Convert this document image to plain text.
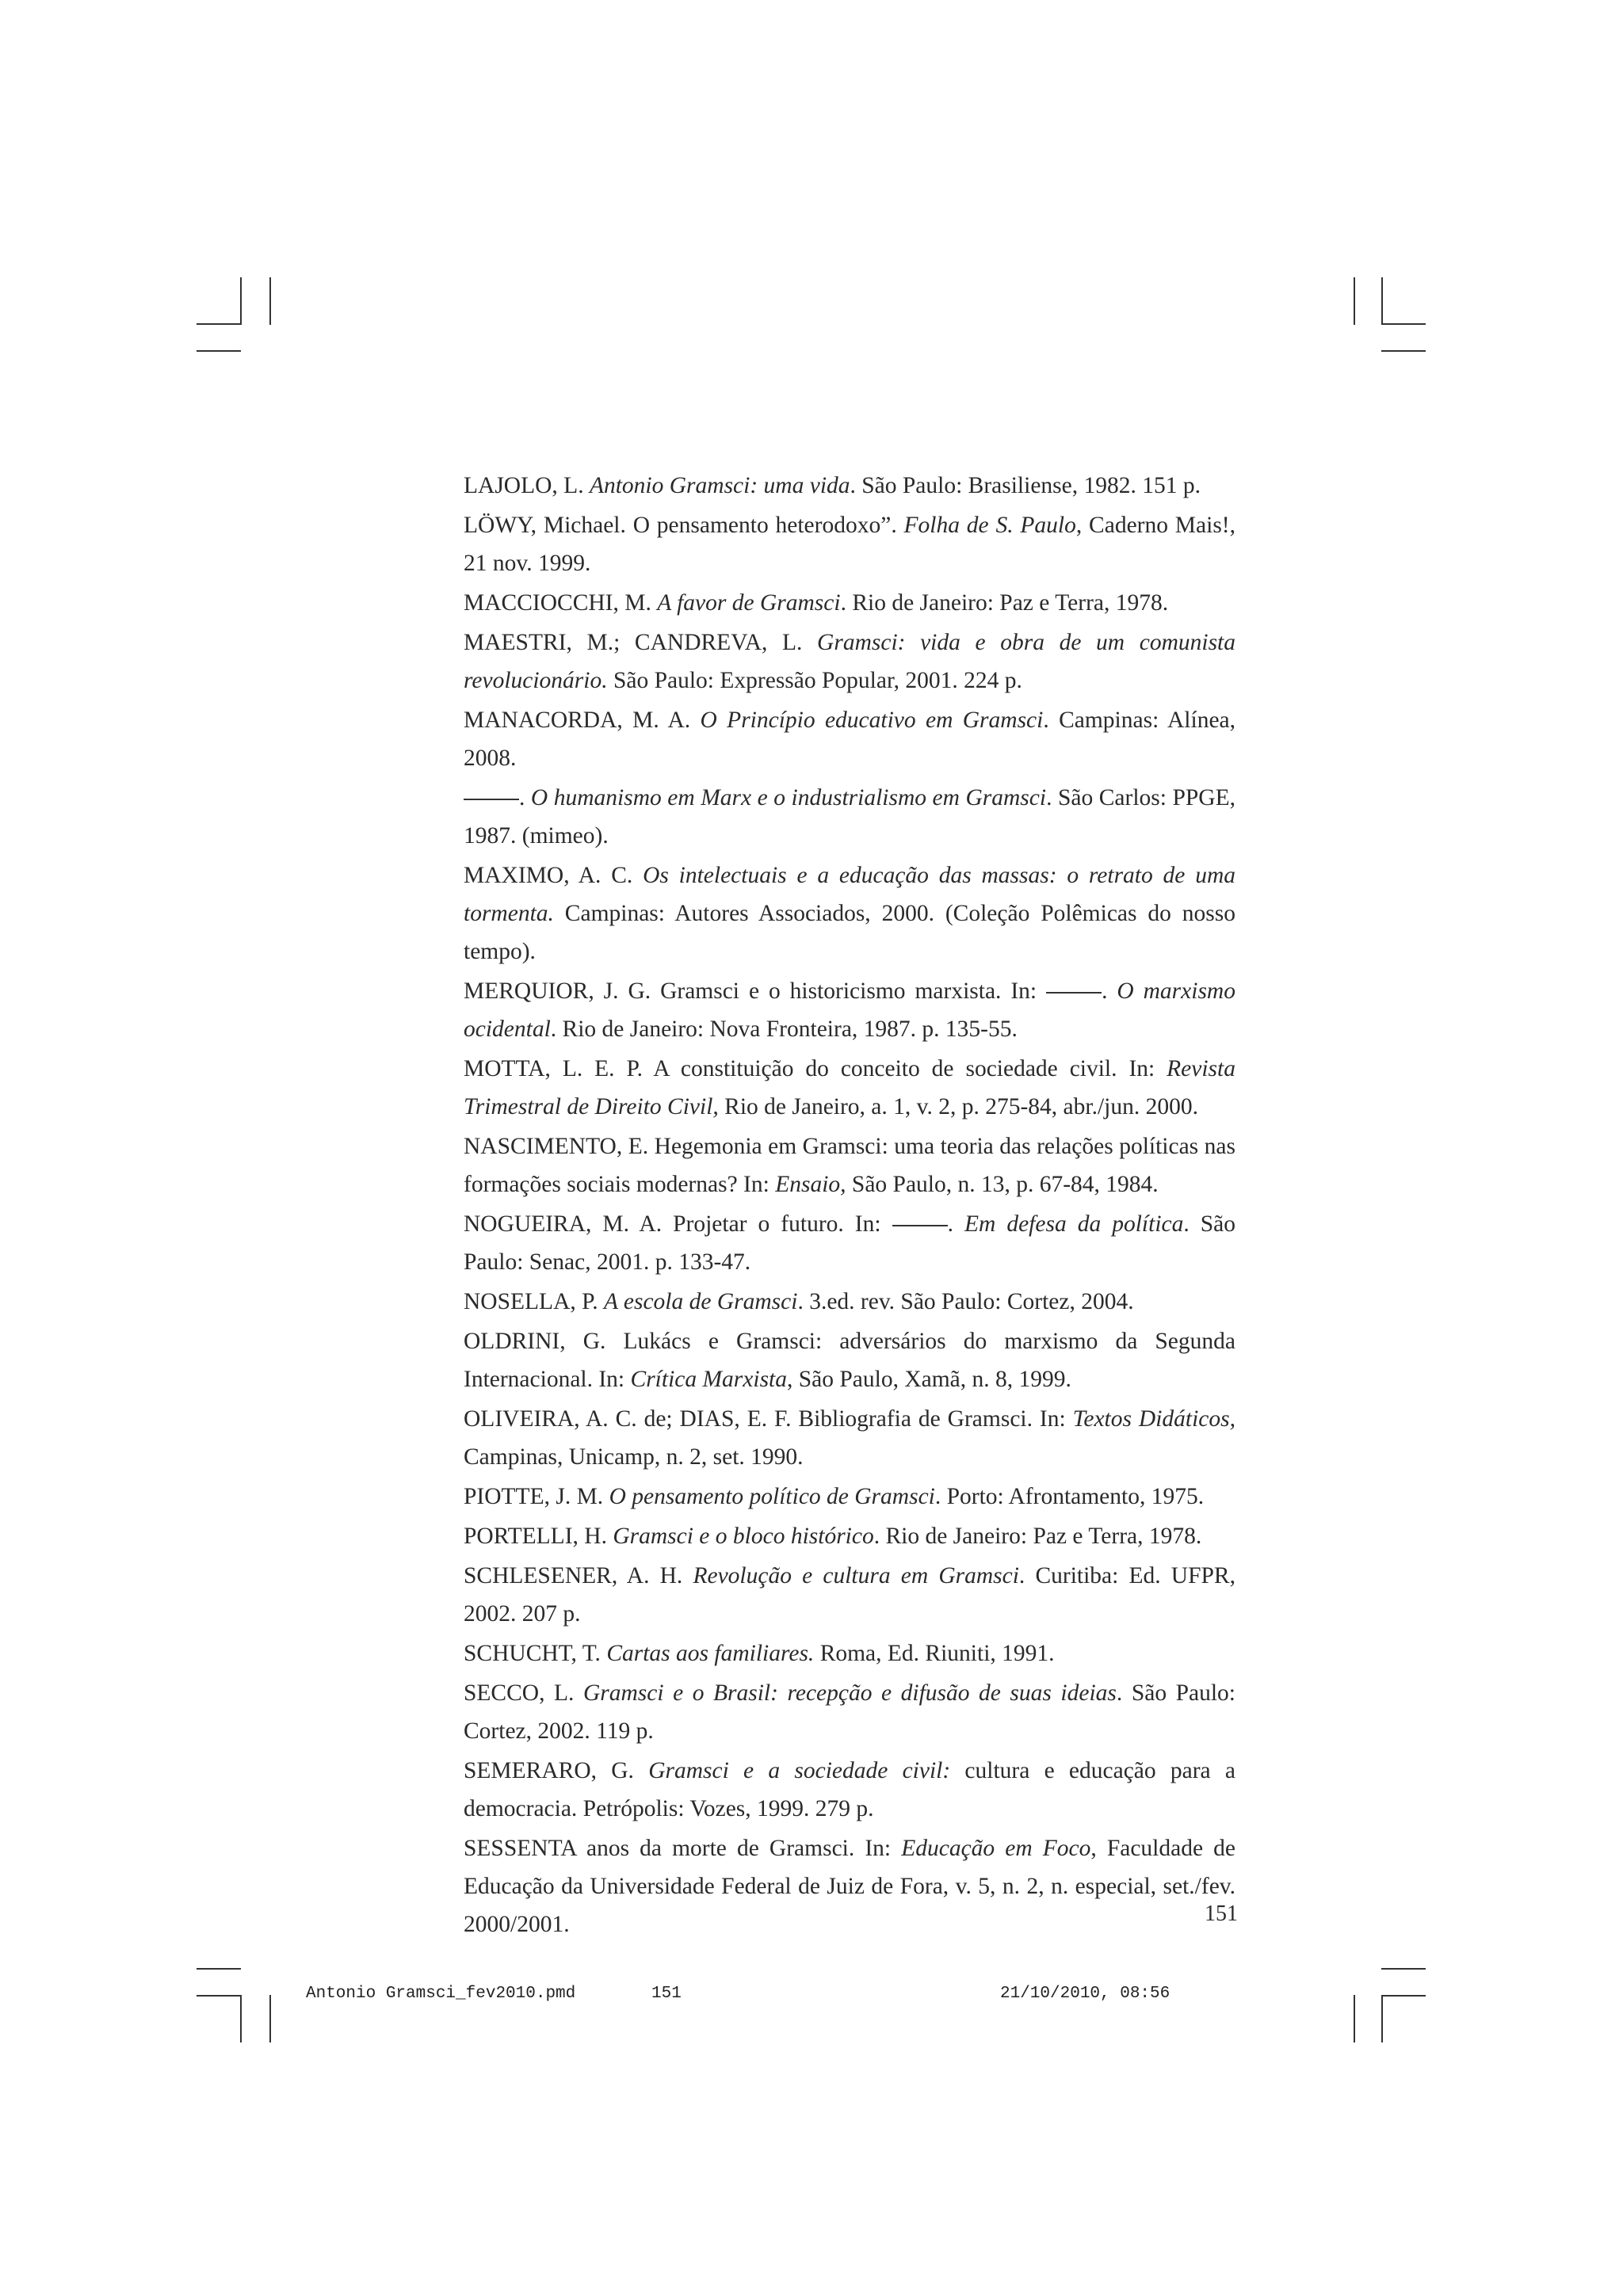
LAJOLO, L. Antonio Gramsci: uma vida. São Paulo: Brasiliense, 1982. 151 p.
LÖWY, Michael. O pensamento heterodoxo”. Folha de S. Paulo, Caderno Mais!, 21 nov. 1999.
MACCIOCCHI, M. A favor de Gramsci. Rio de Janeiro: Paz e Terra, 1978.
MAESTRI, M.; CANDREVA, L. Gramsci: vida e obra de um comunista revolucionário. São Paulo: Expressão Popular, 2001. 224 p.
MANACORDA, M. A. O Princípio educativo em Gramsci. Campinas: Alínea, 2008.
. O humanismo em Marx e o industrialismo em Gramsci. São Carlos: PPGE, 1987. (mimeo).
MAXIMO, A. C. Os intelectuais e a educação das massas: o retrato de uma tormenta. Campinas: Autores Associados, 2000. (Coleção Polêmicas do nosso tempo).
MERQUIOR, J. G. Gramsci e o historicismo marxista. In: . O marxismo ocidental. Rio de Janeiro: Nova Fronteira, 1987. p. 135-55.
MOTTA, L. E. P. A constituição do conceito de sociedade civil. In: Revista Trimestral de Direito Civil, Rio de Janeiro, a. 1, v. 2, p. 275-84, abr./jun. 2000.
NASCIMENTO, E. Hegemonia em Gramsci: uma teoria das relações políticas nas formações sociais modernas? In: Ensaio, São Paulo, n. 13, p. 67-84, 1984.
NOGUEIRA, M. A. Projetar o futuro. In: . Em defesa da política. São Paulo: Senac, 2001. p. 133-47.
NOSELLA, P. A escola de Gramsci. 3.ed. rev. São Paulo: Cortez, 2004.
OLDRINI, G. Lukács e Gramsci: adversários do marxismo da Segunda Internacional. In: Crítica Marxista, São Paulo, Xamã, n. 8, 1999.
OLIVEIRA, A. C. de; DIAS, E. F. Bibliografia de Gramsci. In: Textos Didáticos, Campinas, Unicamp, n. 2, set. 1990.
PIOTTE, J. M. O pensamento político de Gramsci. Porto: Afrontamento, 1975.
PORTELLI, H. Gramsci e o bloco histórico. Rio de Janeiro: Paz e Terra, 1978.
SCHLESENER, A. H. Revolução e cultura em Gramsci. Curitiba: Ed. UFPR, 2002. 207 p.
SCHUCHT, T. Cartas aos familiares. Roma, Ed. Riuniti, 1991.
SECCO, L. Gramsci e o Brasil: recepção e difusão de suas ideias. São Paulo: Cortez, 2002. 119 p.
SEMERARO, G. Gramsci e a sociedade civil: cultura e educação para a democracia. Petrópolis: Vozes, 1999. 279 p.
SESSENTA anos da morte de Gramsci. In: Educação em Foco, Faculdade de Educação da Universidade Federal de Juiz de Fora, v. 5, n. 2, n. especial, set./fev. 2000/2001.	151
Antonio Gramsci_fev2010.pmd	151	21/10/2010, 08:56
